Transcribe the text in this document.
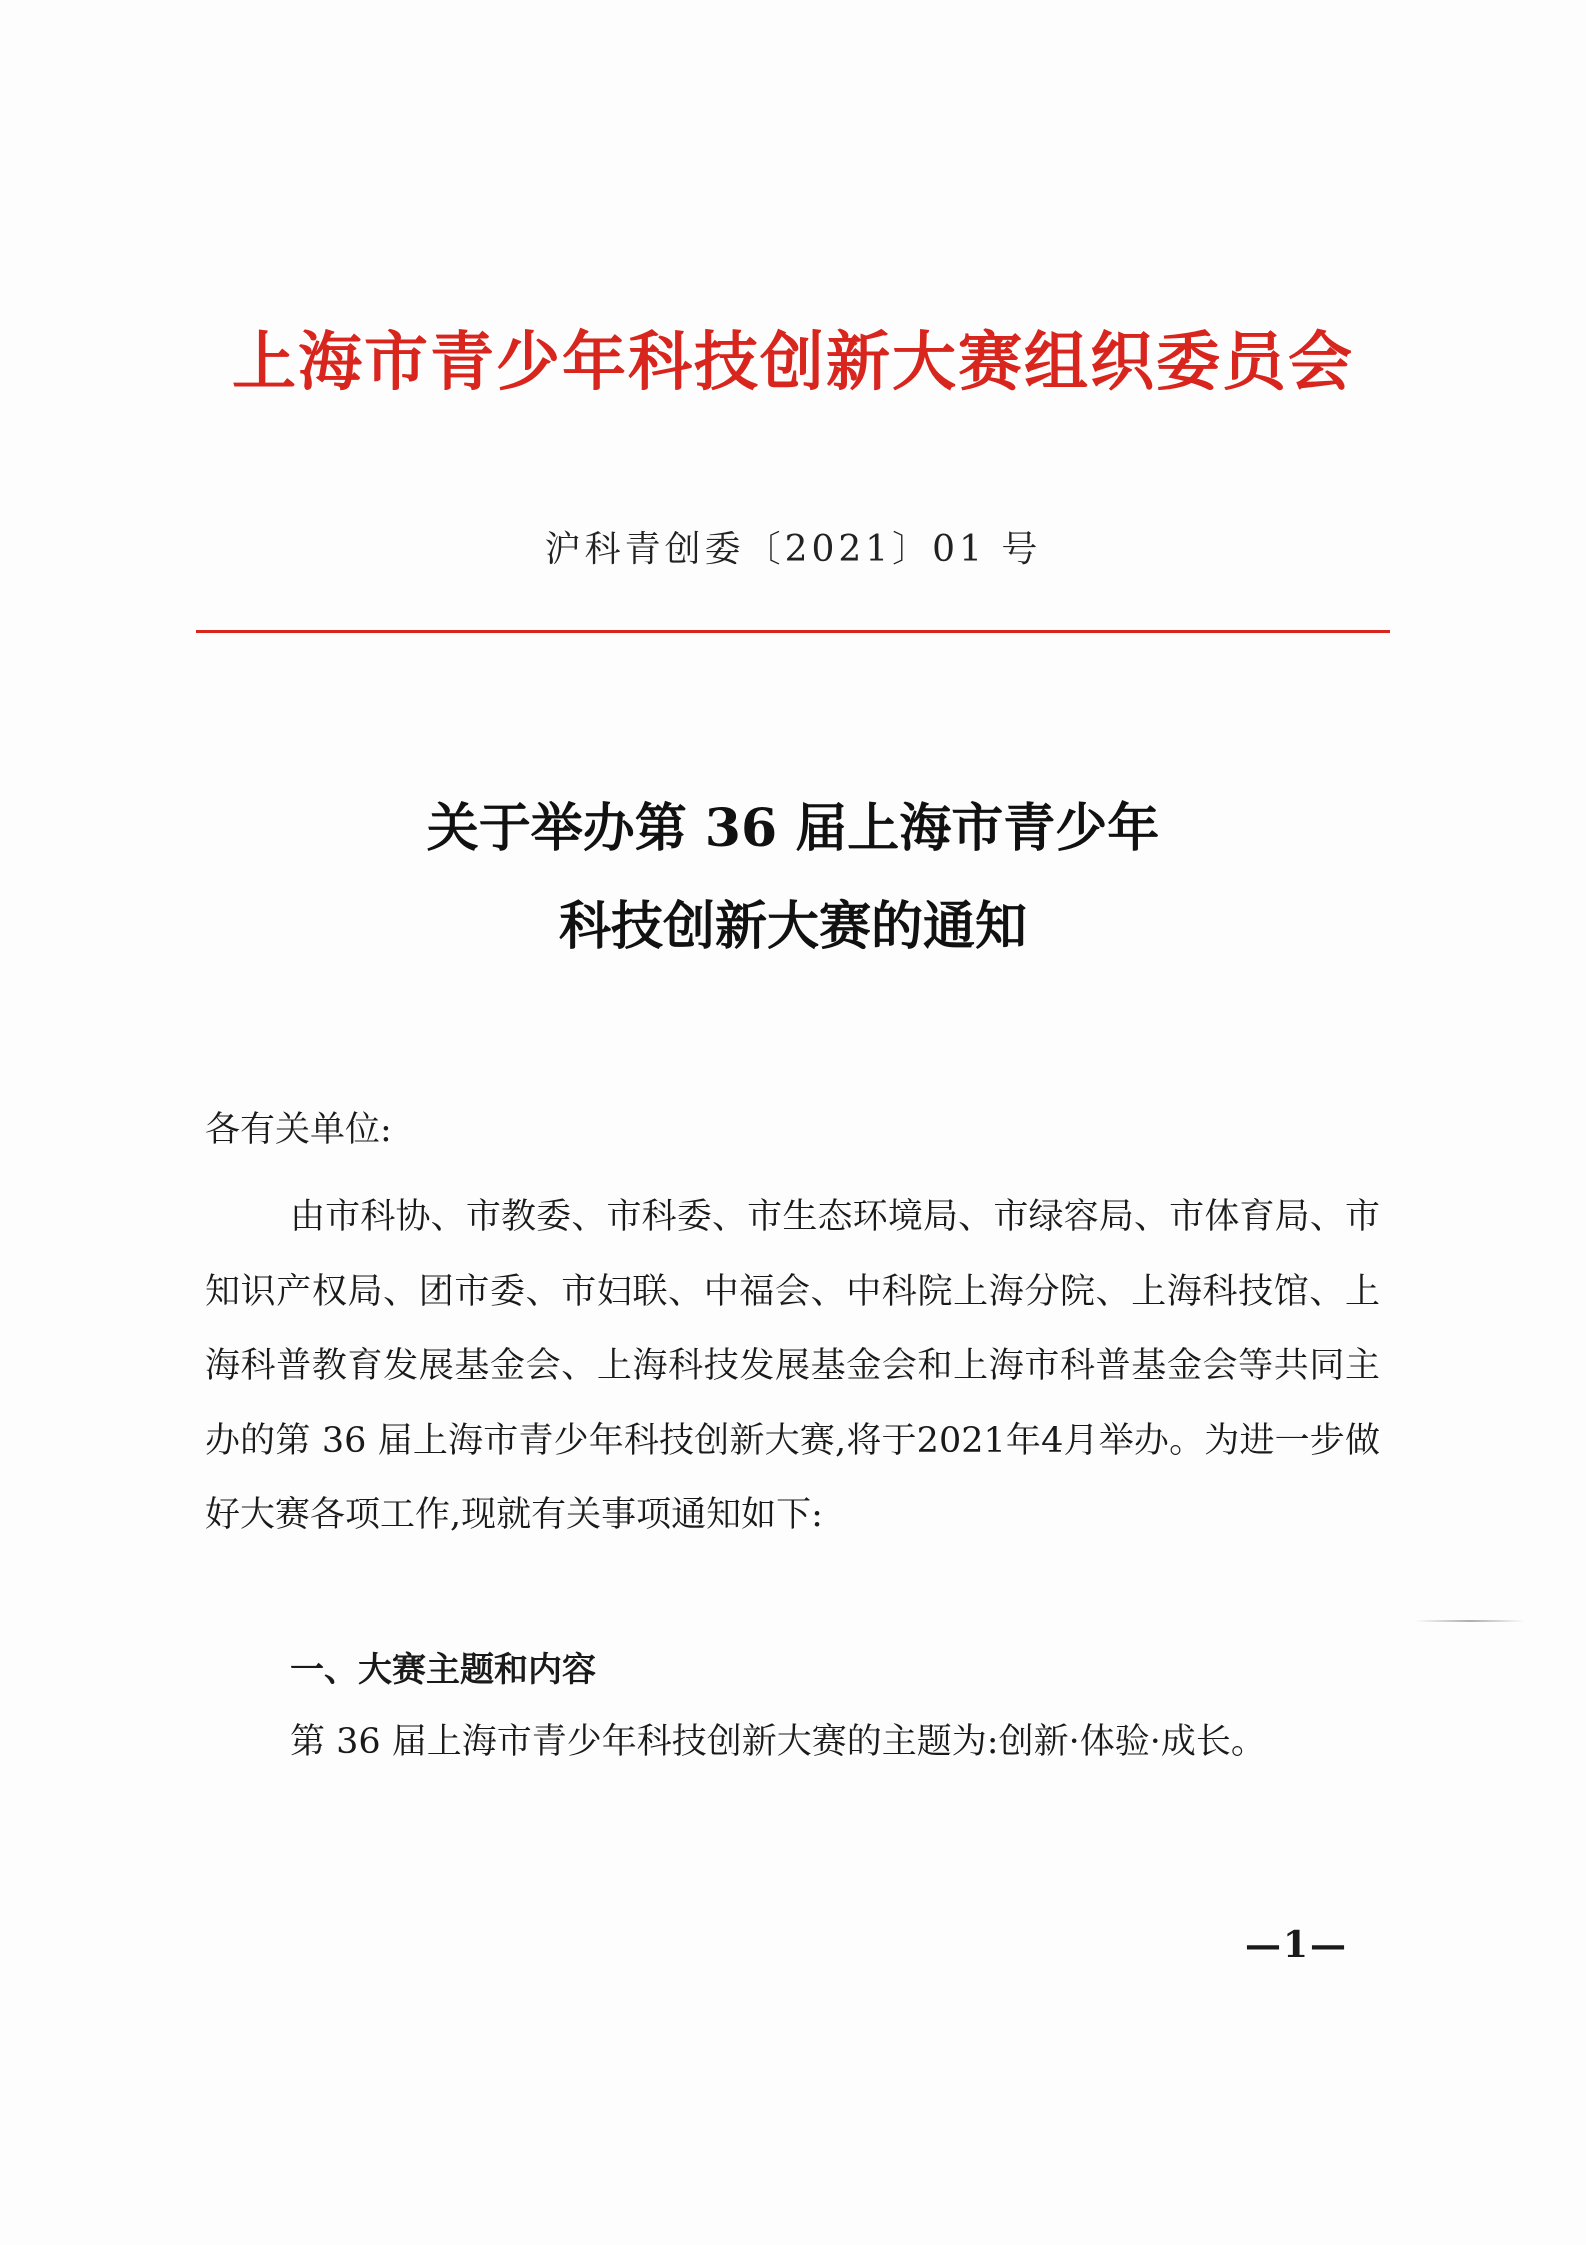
上海市青少年科技创新大赛组织委员会
沪科青创委〔2021〕01 号
关于举办第 36 届上海市青少年
科技创新大赛的通知
各有关单位:

由市科协、市教委、市科委、市生态环境局、市绿容局、市体育局、市知识产权局、团市委、市妇联、中福会、中科院上海分院、上海科技馆、上海科普教育发展基金会、上海科技发展基金会和上海市科普基金会等共同主办的第 36 届上海市青少年科技创新大赛,将于2021年4月举办。为进一步做好大赛各项工作,现就有关事项通知如下:

一、大赛主题和内容

第 36 届上海市青少年科技创新大赛的主题为:创新·体验·成长。

—1—
